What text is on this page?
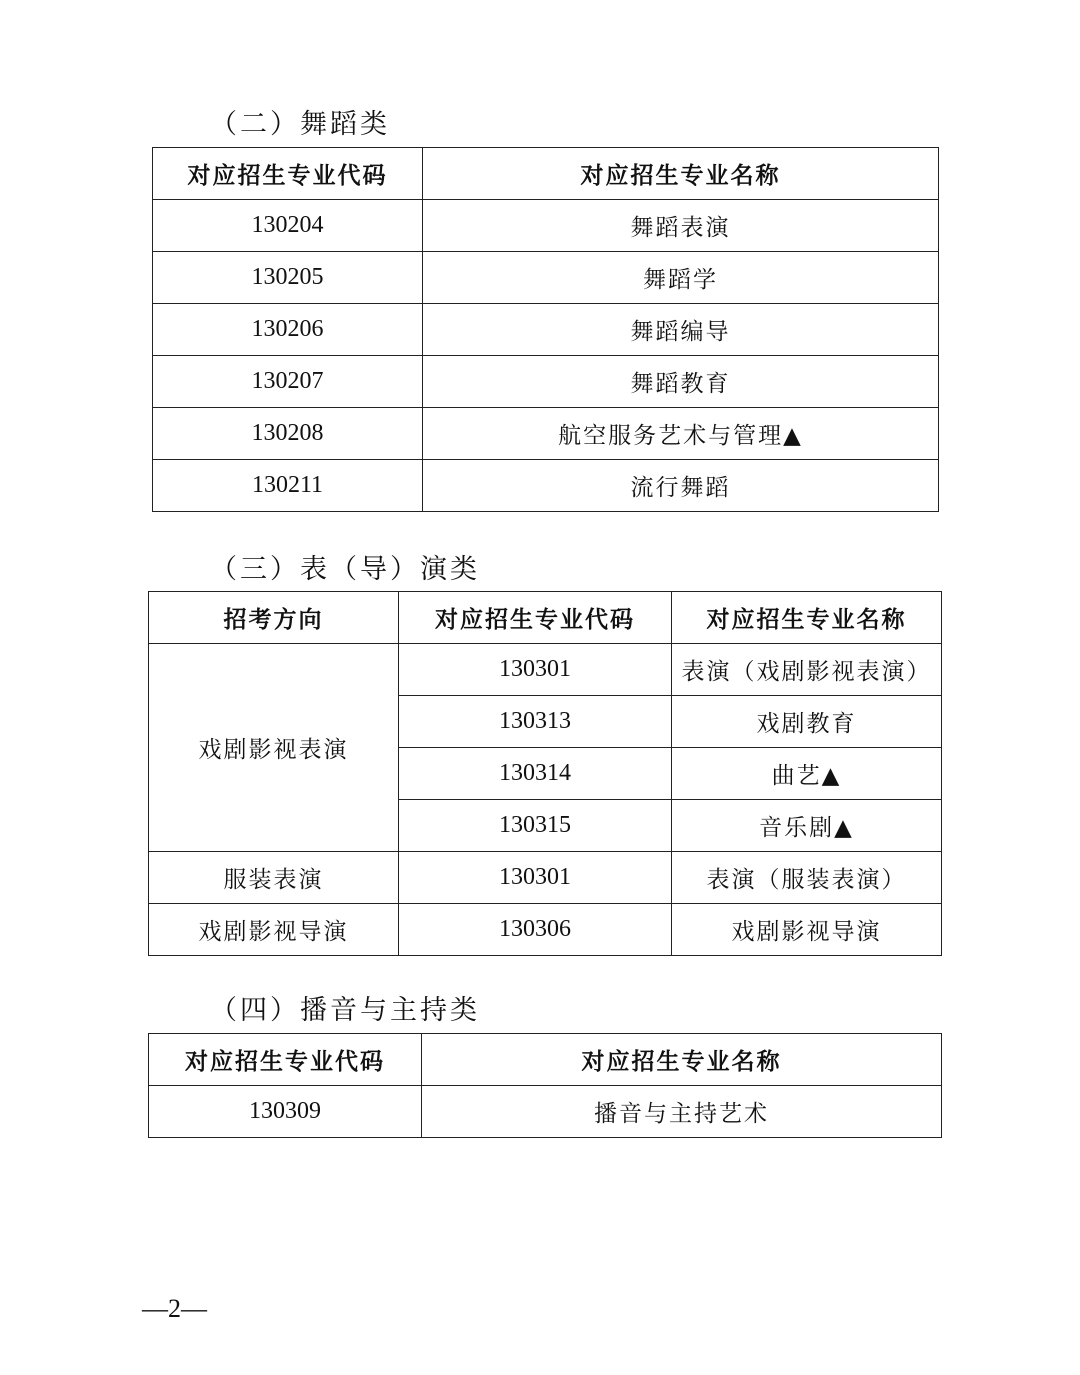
（二）舞蹈类
对应招生专业代码	对应招生专业名称
130204	舞蹈表演
130205	舞蹈学
130206	舞蹈编导
130207	舞蹈教育
130208	航空服务艺术与管理▲
130211	流行舞蹈
（三）表（导）演类
招考方向	对应招生专业代码	对应招生专业名称
戏剧影视表演	130301	表演（戏剧影视表演）
	130313	戏剧教育
	130314	曲艺▲
	130315	音乐剧▲
服装表演	130301	表演（服装表演）
戏剧影视导演	130306	戏剧影视导演
（四）播音与主持类
对应招生专业代码	对应招生专业名称
130309	播音与主持艺术
—2—
